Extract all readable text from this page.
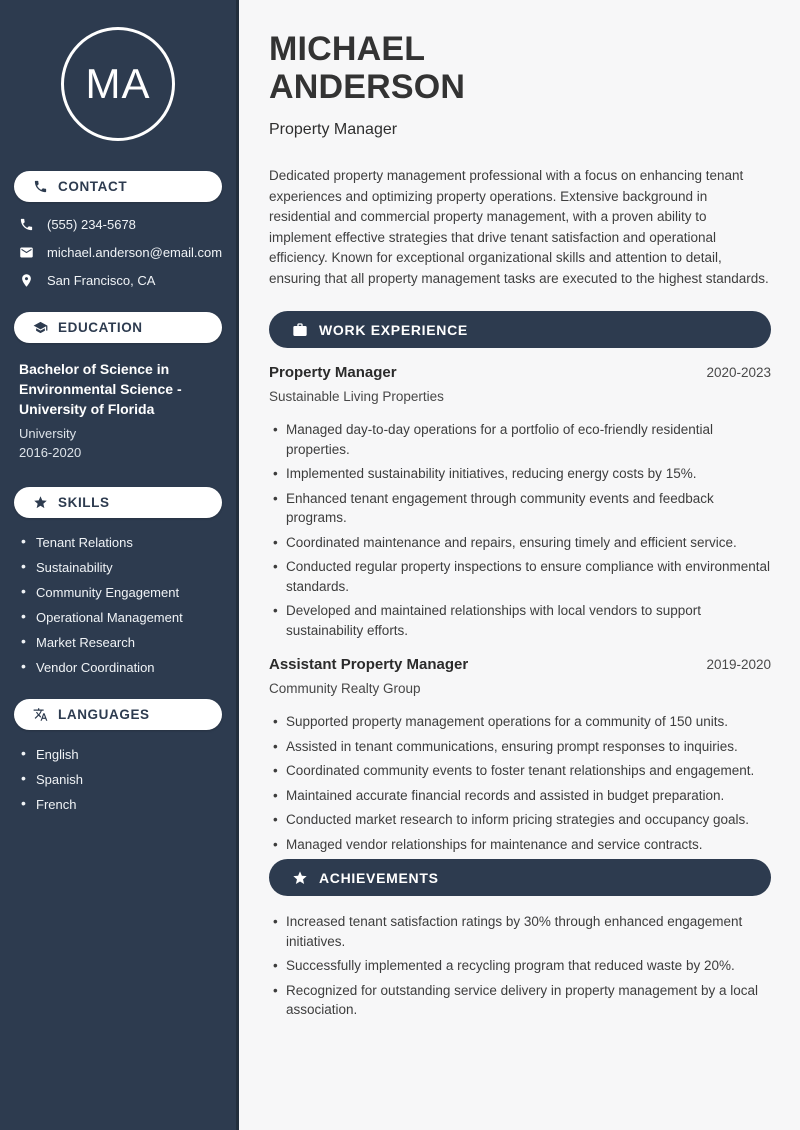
MA
CONTACT
(555) 234-5678
michael.anderson@email.com
San Francisco, CA
EDUCATION
Bachelor of Science in Environmental Science - University of Florida
University
2016-2020
SKILLS
• Tenant Relations
• Sustainability
• Community Engagement
• Operational Management
• Market Research
• Vendor Coordination
LANGUAGES
• English
• Spanish
• French
MICHAEL
ANDERSON
Property Manager

Dedicated property management professional with a focus on enhancing tenant experiences and optimizing property operations. Extensive background in residential and commercial property management, with a proven ability to implement effective strategies that drive tenant satisfaction and operational efficiency. Known for exceptional organizational skills and attention to detail, ensuring that all property management tasks are executed to the highest standards.

WORK EXPERIENCE
Property Manager	2020-2023
Sustainable Living Properties
• Managed day-to-day operations for a portfolio of eco-friendly residential properties.
• Implemented sustainability initiatives, reducing energy costs by 15%.
• Enhanced tenant engagement through community events and feedback programs.
• Coordinated maintenance and repairs, ensuring timely and efficient service.
• Conducted regular property inspections to ensure compliance with environmental standards.
• Developed and maintained relationships with local vendors to support sustainability efforts.
Assistant Property Manager	2019-2020
Community Realty Group
• Supported property management operations for a community of 150 units.
• Assisted in tenant communications, ensuring prompt responses to inquiries.
• Coordinated community events to foster tenant relationships and engagement.
• Maintained accurate financial records and assisted in budget preparation.
• Conducted market research to inform pricing strategies and occupancy goals.
• Managed vendor relationships for maintenance and service contracts.
ACHIEVEMENTS
• Increased tenant satisfaction ratings by 30% through enhanced engagement initiatives.
• Successfully implemented a recycling program that reduced waste by 20%.
• Recognized for outstanding service delivery in property management by a local association.
